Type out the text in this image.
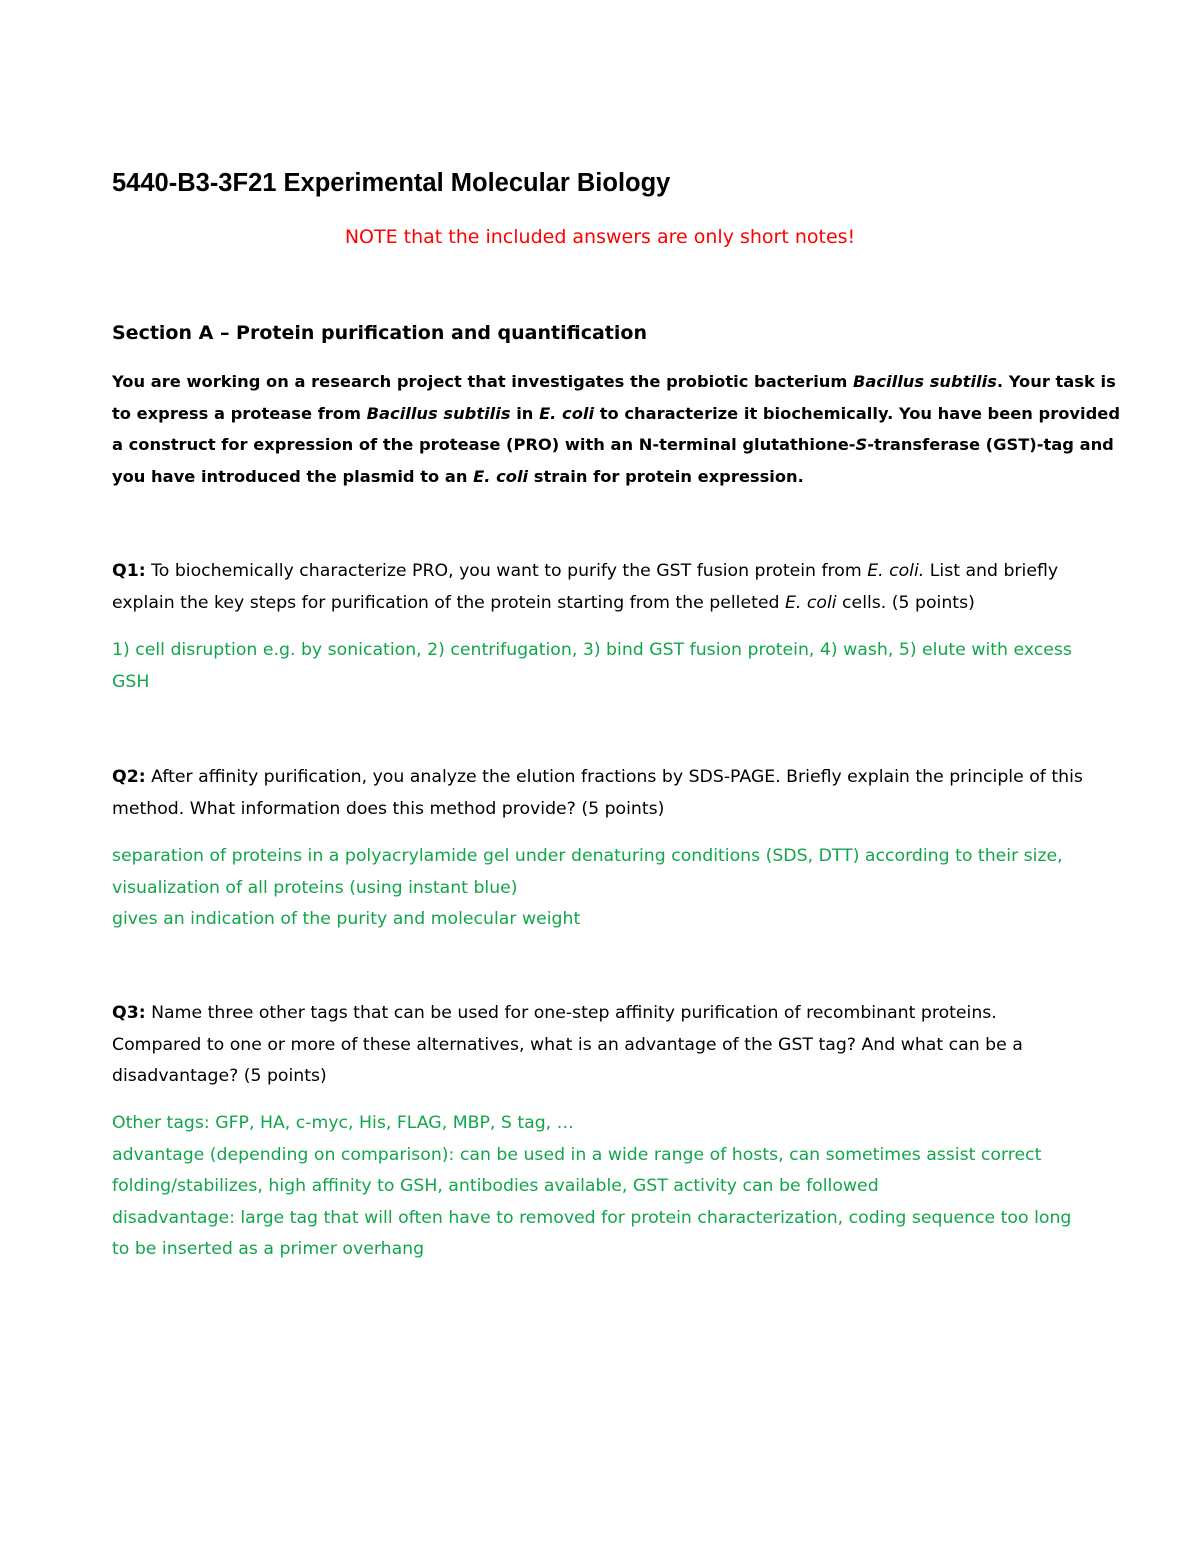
5440-B3-3F21 Experimental Molecular Biology
NOTE that the included answers are only short notes!
Section A – Protein purification and quantification
You are working on a research project that investigates the probiotic bacterium Bacillus subtilis. Your task is
to express a protease from Bacillus subtilis in E. coli to characterize it biochemically. You have been provided
a construct for expression of the protease (PRO) with an N-terminal glutathione-S-transferase (GST)-tag and
you have introduced the plasmid to an E. coli strain for protein expression.
Q1: To biochemically characterize PRO, you want to purify the GST fusion protein from E. coli. List and briefly
explain the key steps for purification of the protein starting from the pelleted E. coli cells. (5 points)
1) cell disruption e.g. by sonication, 2) centrifugation, 3) bind GST fusion protein, 4) wash, 5) elute with excess
GSH
Q2: After affinity purification, you analyze the elution fractions by SDS-PAGE. Briefly explain the principle of this
method. What information does this method provide? (5 points)
separation of proteins in a polyacrylamide gel under denaturing conditions (SDS, DTT) according to their size,
visualization of all proteins (using instant blue)
gives an indication of the purity and molecular weight
Q3: Name three other tags that can be used for one-step affinity purification of recombinant proteins.
Compared to one or more of these alternatives, what is an advantage of the GST tag? And what can be a
disadvantage? (5 points)
Other tags: GFP, HA, c-myc, His, FLAG, MBP, S tag, …
advantage (depending on comparison): can be used in a wide range of hosts, can sometimes assist correct
folding/stabilizes, high affinity to GSH, antibodies available, GST activity can be followed
disadvantage: large tag that will often have to removed for protein characterization, coding sequence too long
to be inserted as a primer overhang
